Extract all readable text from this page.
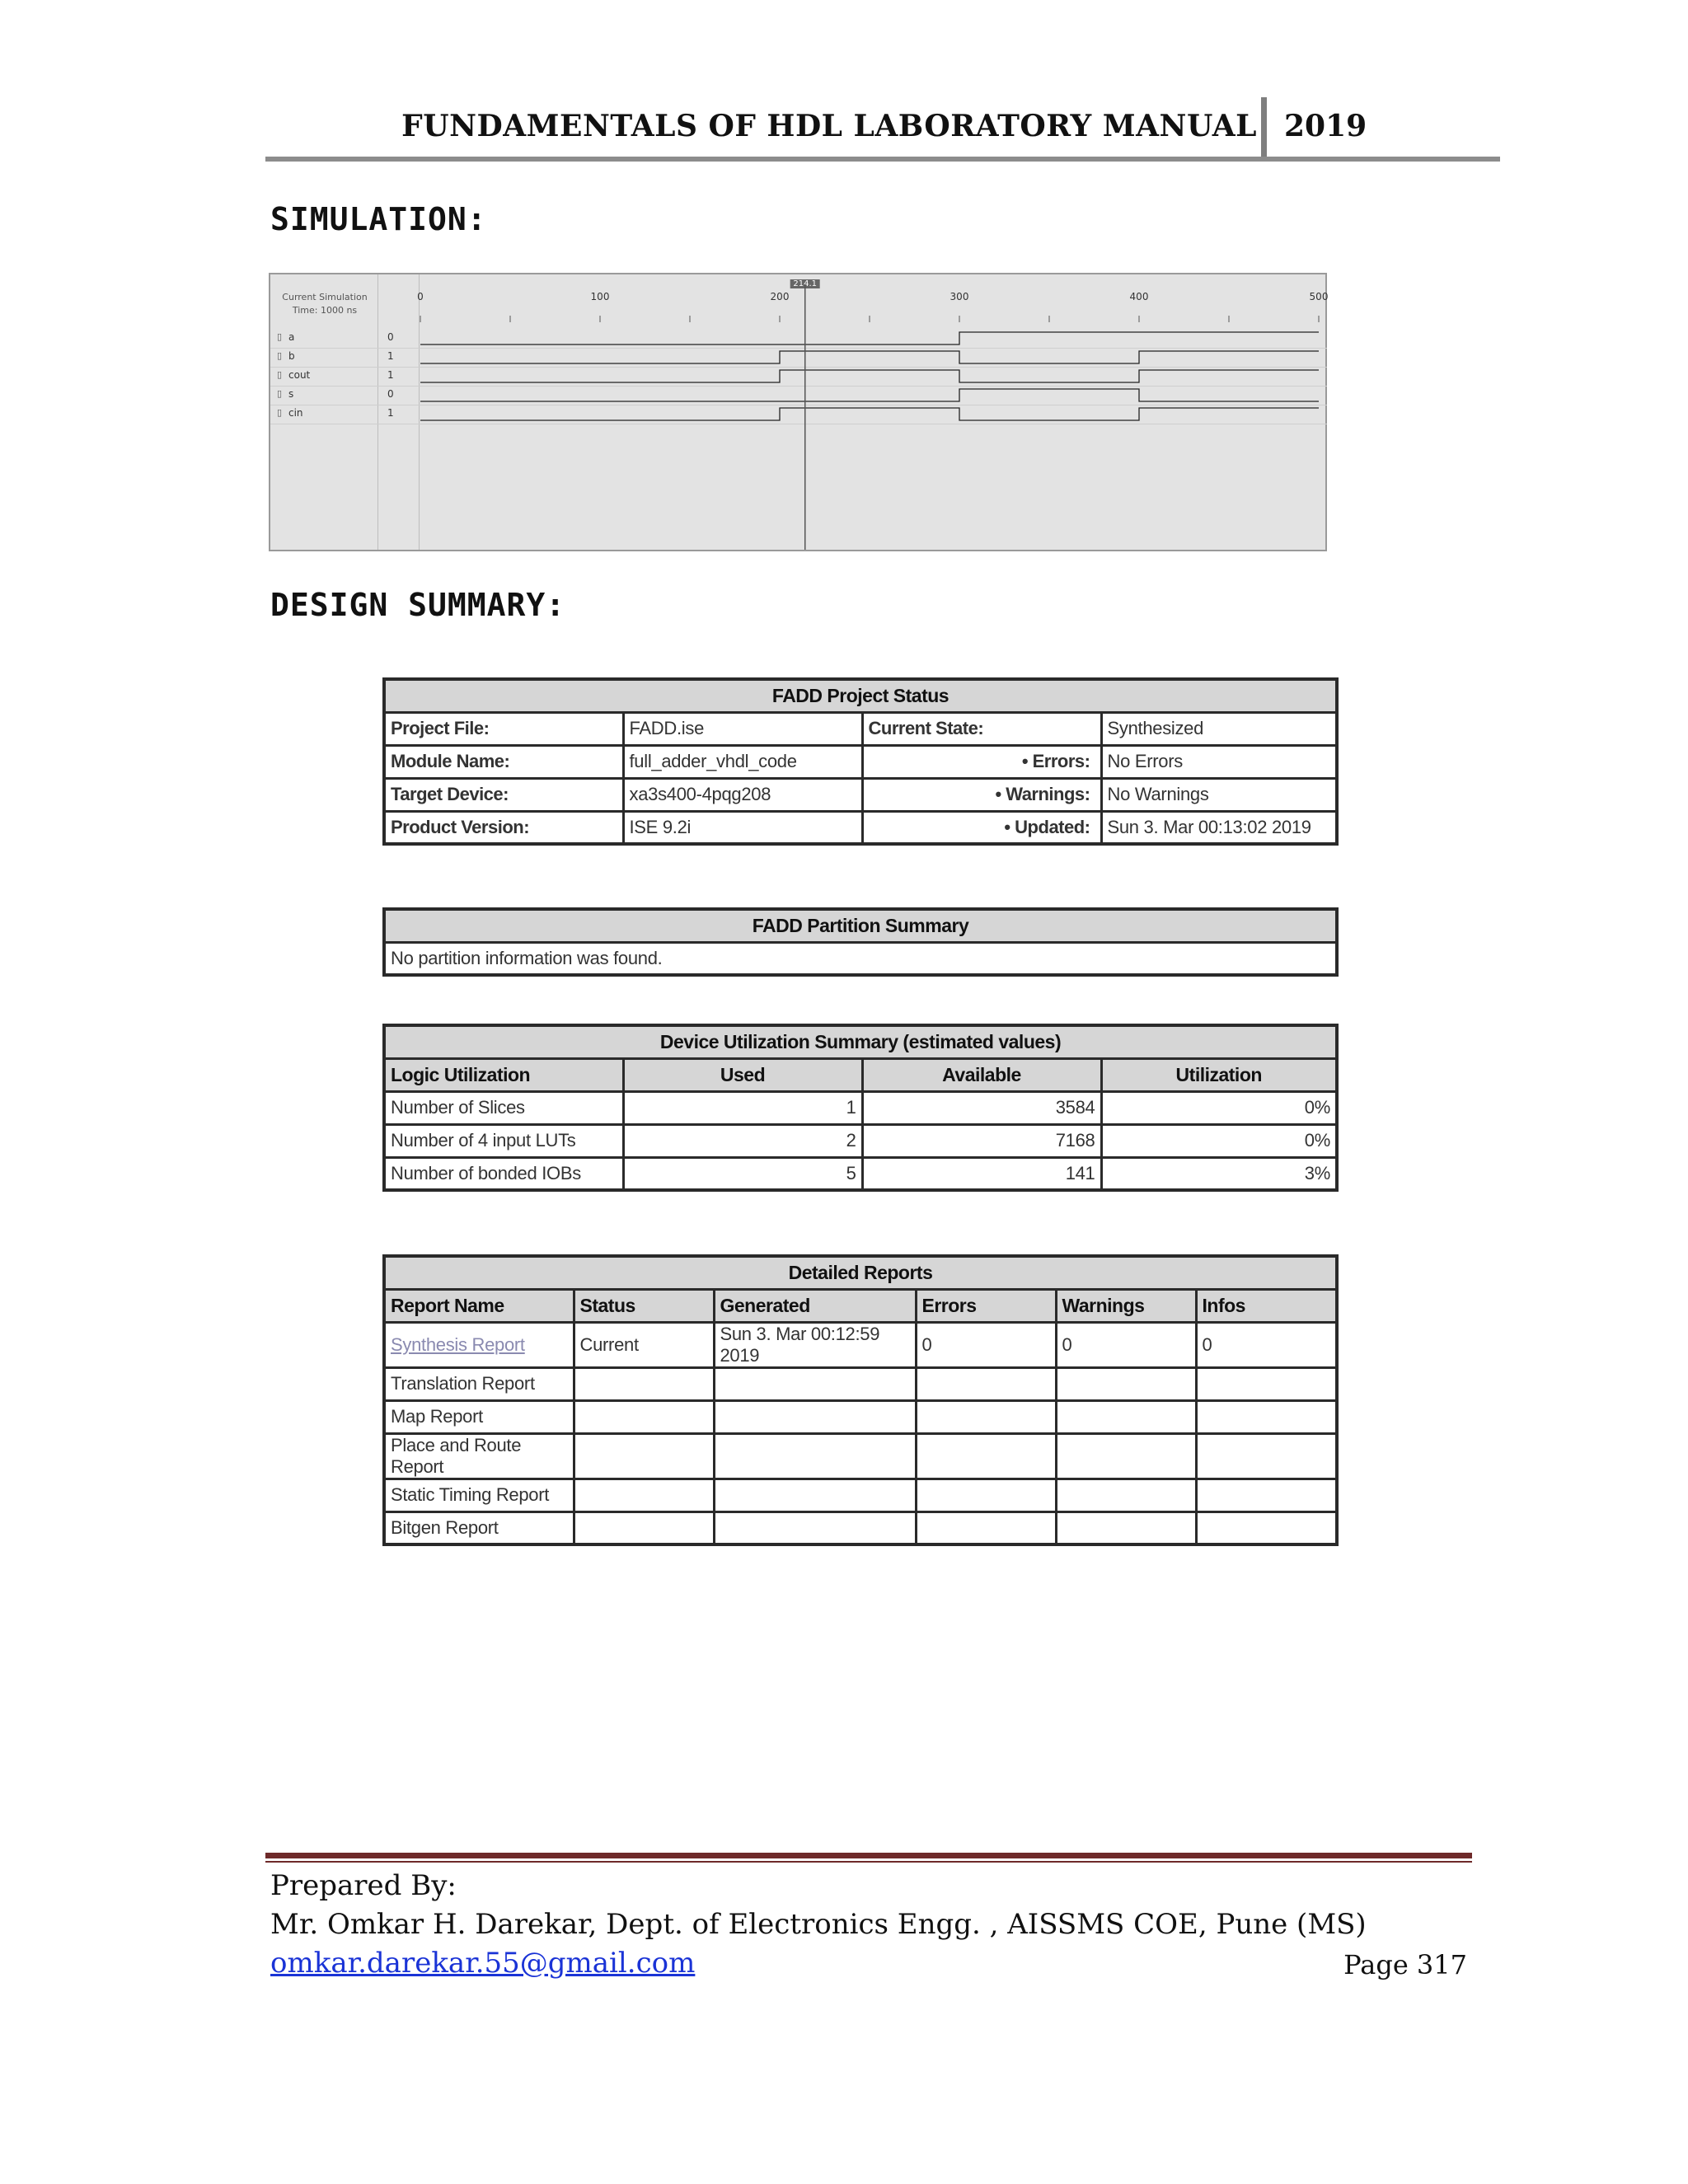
FUNDAMENTALS OF HDL LABORATORY MANUAL 2019
SIMULATION:
Current Simulation
Time: 1000 ns
▯ a	0
▯ b	1
▯ cout	1
▯ s	0
▯ cin	1
0	100	200	300	400	500
214.1
DESIGN SUMMARY:
FADD Project Status			
Project File:	FADD.ise	Current State:	Synthesized
Module Name:	full_adder_vhdl_code	• Errors:	No Errors
Target Device:	xa3s400-4pqg208	• Warnings:	No Warnings
Product Version:	ISE 9.2i	• Updated:	Sun 3. Mar 00:13:02 2019
FADD Partition Summary
No partition information was found.
Device Utilization Summary (estimated values)			
Logic Utilization	Used	Available	Utilization
Number of Slices	1	3584	0%
Number of 4 input LUTs	2	7168	0%
Number of bonded IOBs	5	141	3%
Detailed Reports					
Report Name	Status	Generated	Errors	Warnings	Infos
Synthesis Report	Current	Sun 3. Mar 00:12:59 2019	0	0	0
Translation Report					
Map Report					
Place and Route Report					
Static Timing Report					
Bitgen Report					
Prepared By:
Mr. Omkar H. Darekar, Dept. of Electronics Engg. , AISSMS COE, Pune (MS)
omkar.darekar.55@gmail.com	Page 317
